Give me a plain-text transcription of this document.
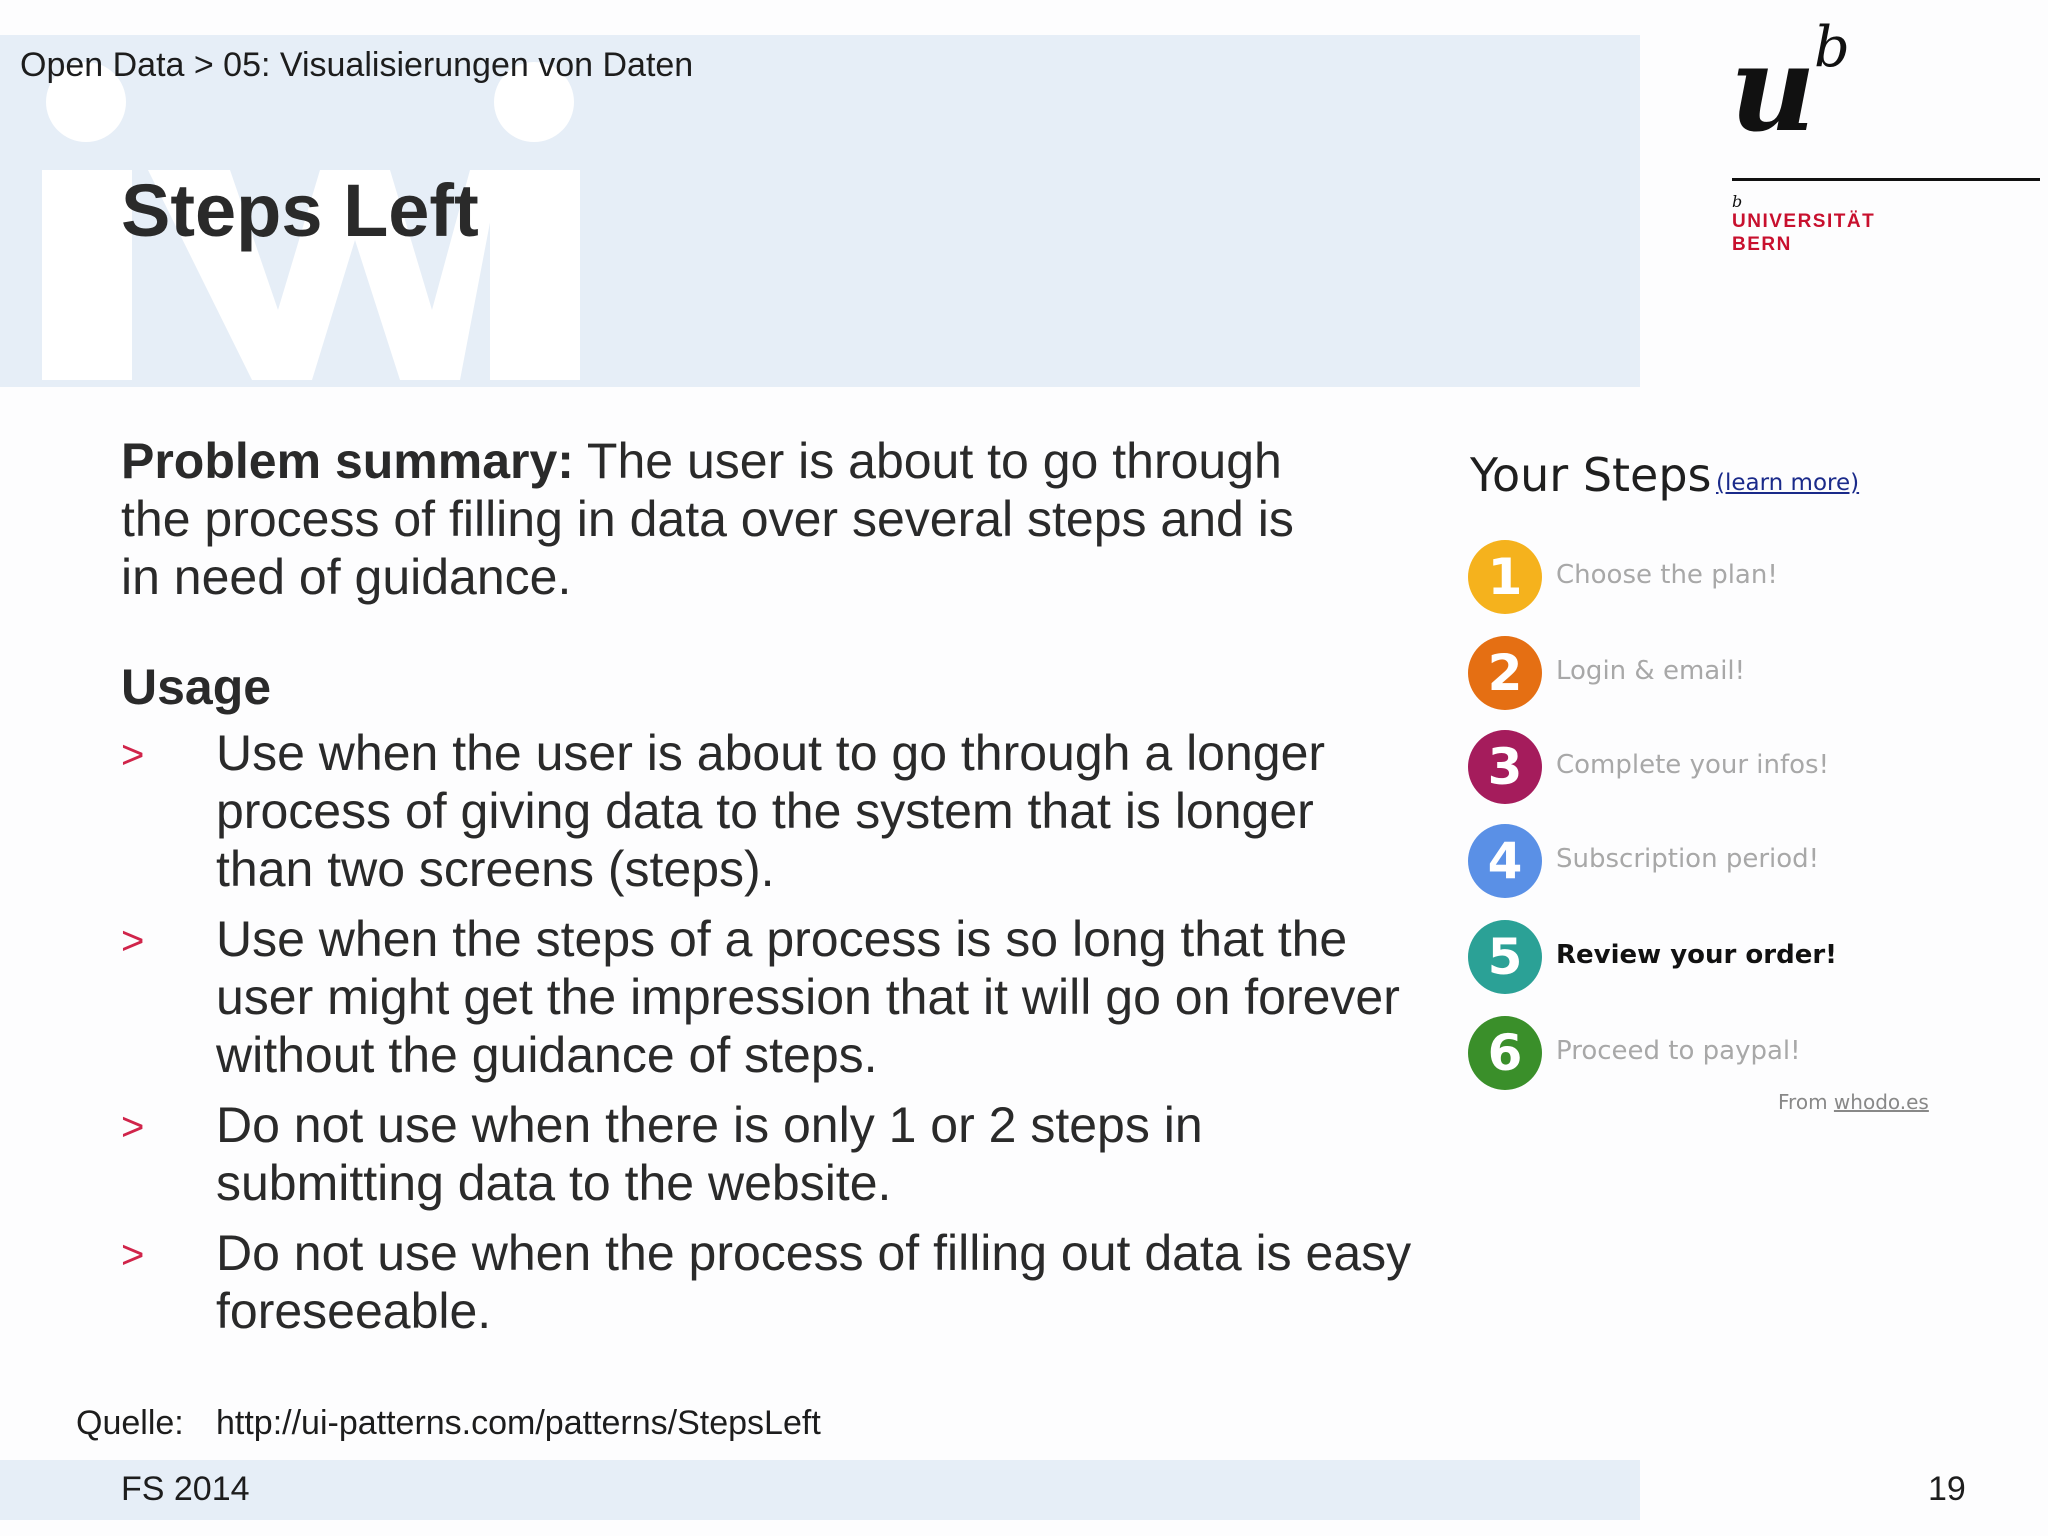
Open Data > 05: Visualisierungen von Daten
Steps Left
u
b
b
UNIVERSITÄT
BERN

Problem summary: The user is about to go through the process of filling in data over several steps and is in need of guidance.

Usage
> Use when the user is about to go through a longer process of giving data to the system that is longer than two screens (steps).
> Use when the steps of a process is so long that the user might get the impression that it will go on forever without the guidance of steps.
> Do not use when there is only 1 or 2 steps in submitting data to the website.
> Do not use when the process of filling out data is easy foreseeable.
Your Steps (learn more)
1	Choose the plan!
2	Login & email!
3	Complete your infos!
4	Subscription period!
5	Review your order!
6	Proceed to paypal!
From whodo.es
Quelle: http://ui-patterns.com/patterns/StepsLeft
FS 2014	19
